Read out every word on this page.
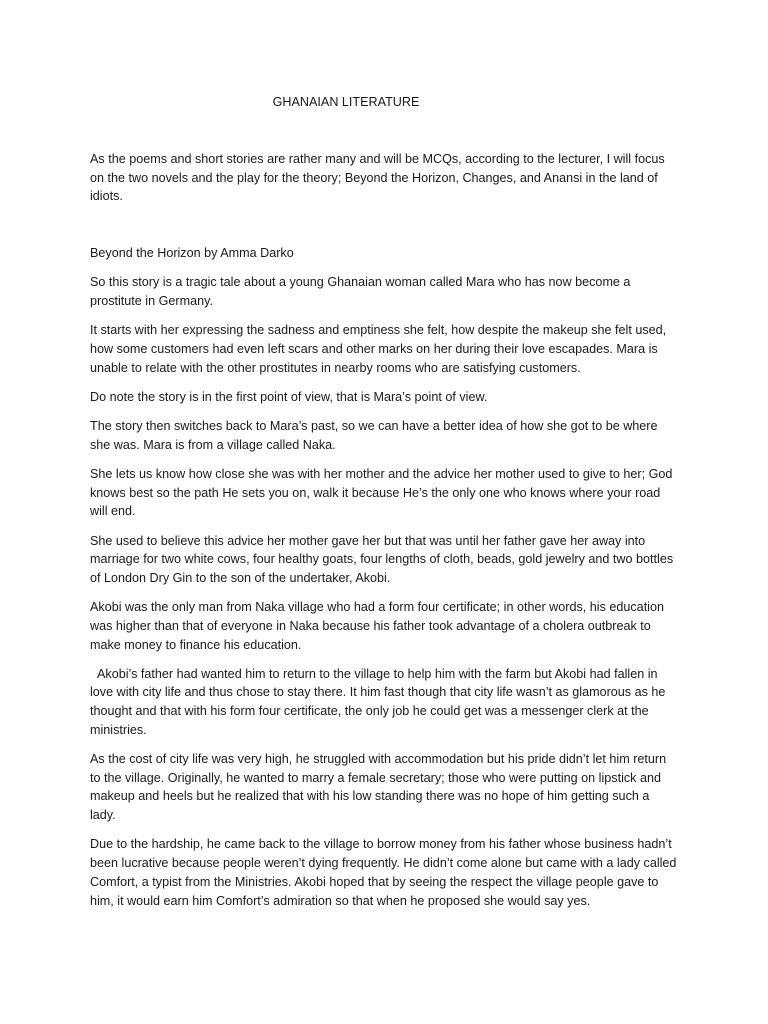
GHANAIAN LITERATURE

As the poems and short stories are rather many and will be MCQs, according to the lecturer, I will focus on the two novels and the play for the theory; Beyond the Horizon, Changes, and Anansi in the land of idiots.

Beyond the Horizon by Amma Darko

So this story is a tragic tale about a young Ghanaian woman called Mara who has now become a prostitute in Germany.

It starts with her expressing the sadness and emptiness she felt, how despite the makeup she felt used, how some customers had even left scars and other marks on her during their love escapades. Mara is unable to relate with the other prostitutes in nearby rooms who are satisfying customers.

Do note the story is in the first point of view, that is Mara’s point of view.

The story then switches back to Mara’s past, so we can have a better idea of how she got to be where she was. Mara is from a village called Naka.

She lets us know how close she was with her mother and the advice her mother used to give to her; God knows best so the path He sets you on, walk it because He’s the only one who knows where your road will end.

She used to believe this advice her mother gave her but that was until her father gave her away into marriage for two white cows, four healthy goats, four lengths of cloth, beads, gold jewelry and two bottles of London Dry Gin to the son of the undertaker, Akobi.

Akobi was the only man from Naka village who had a form four certificate; in other words, his education was higher than that of everyone in Naka because his father took advantage of a cholera outbreak to make money to finance his education.

Akobi’s father had wanted him to return to the village to help him with the farm but Akobi had fallen in love with city life and thus chose to stay there. It him fast though that city life wasn’t as glamorous as he thought and that with his form four certificate, the only job he could get was a messenger clerk at the ministries.

As the cost of city life was very high, he struggled with accommodation but his pride didn’t let him return to the village. Originally, he wanted to marry a female secretary; those who were putting on lipstick and makeup and heels but he realized that with his low standing there was no hope of him getting such a lady.

Due to the hardship, he came back to the village to borrow money from his father whose business hadn’t been lucrative because people weren’t dying frequently. He didn’t come alone but came with a lady called Comfort, a typist from the Ministries. Akobi hoped that by seeing the respect the village people gave to him, it would earn him Comfort’s admiration so that when he proposed she would say yes.
